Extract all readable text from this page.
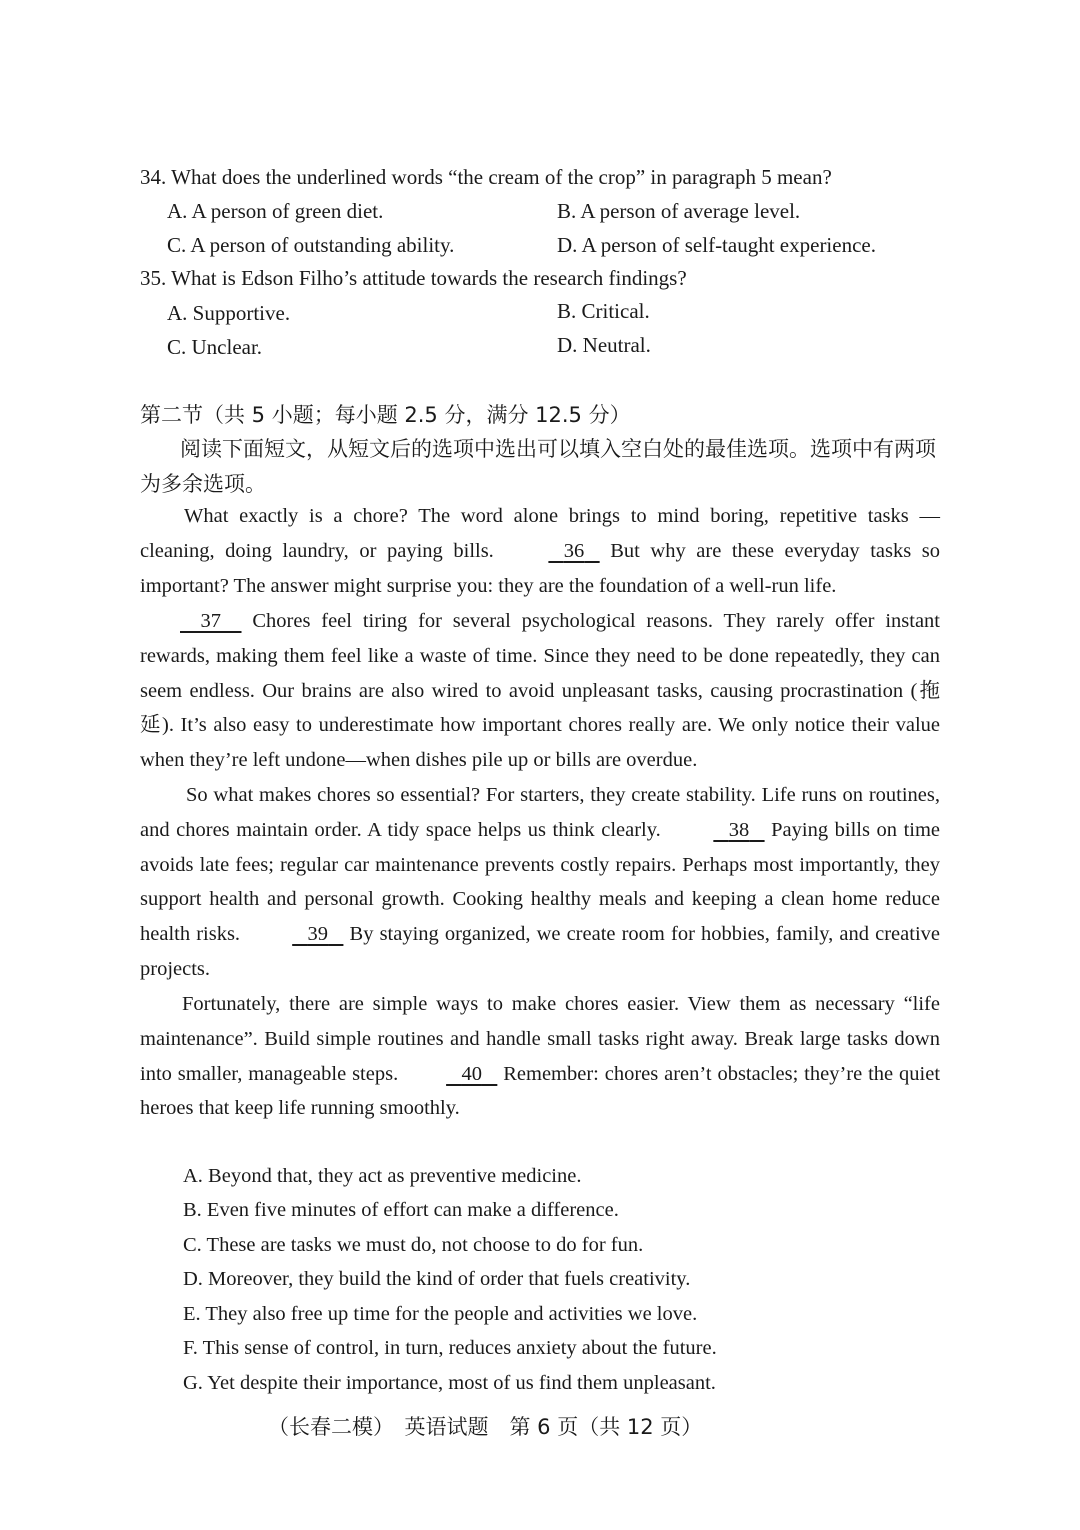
34. What does the underlined words “the cream of the crop” in paragraph 5 mean?
A. A person of green diet.	B. A person of average level.
C. A person of outstanding ability.	D. A person of self-taught experience.
35. What is Edson Filho’s attitude towards the research findings?
A. Supportive.	B. Critical.
C. Unclear.	D. Neutral.
第二节（共 5 小题；每小题 2.5 分，满分 12.5 分）
阅读下面短文，从短文后的选项中选出可以填入空白处的最佳选项。选项中有两项为多余选项。
What exactly is a chore? The word alone brings to mind boring, repetitive tasks — cleaning, doing laundry, or paying bills.	36 But why are these everyday tasks so important? The answer might surprise you: they are the foundation of a well-run life.
37 Chores feel tiring for several psychological reasons. They rarely offer instant rewards, making them feel like a waste of time. Since they need to be done repeatedly, they can seem endless. Our brains are also wired to avoid unpleasant tasks, causing procrastination (拖延). It’s also easy to underestimate how important chores really are. We only notice their value when they’re left undone—when dishes pile up or bills are overdue.
So what makes chores so essential? For starters, they create stability. Life runs on routines, and chores maintain order. A tidy space helps us think clearly.	38 Paying bills on time avoids late fees; regular car maintenance prevents costly repairs. Perhaps most importantly, they support health and personal growth. Cooking healthy meals and keeping a clean home reduce health risks.	39 By staying organized, we create room for hobbies, family, and creative projects.
Fortunately, there are simple ways to make chores easier. View them as necessary “life maintenance”. Build simple routines and handle small tasks right away. Break large tasks down into smaller, manageable steps.	40 Remember: chores aren’t obstacles; they’re the quiet heroes that keep life running smoothly.
A. Beyond that, they act as preventive medicine.
B. Even five minutes of effort can make a difference.
C. These are tasks we must do, not choose to do for fun.
D. Moreover, they build the kind of order that fuels creativity.
E. They also free up time for the people and activities we love.
F. This sense of control, in turn, reduces anxiety about the future.
G. Yet despite their importance, most of us find them unpleasant.
（长春二模）　英语试题　第 6 页（共 12 页）
